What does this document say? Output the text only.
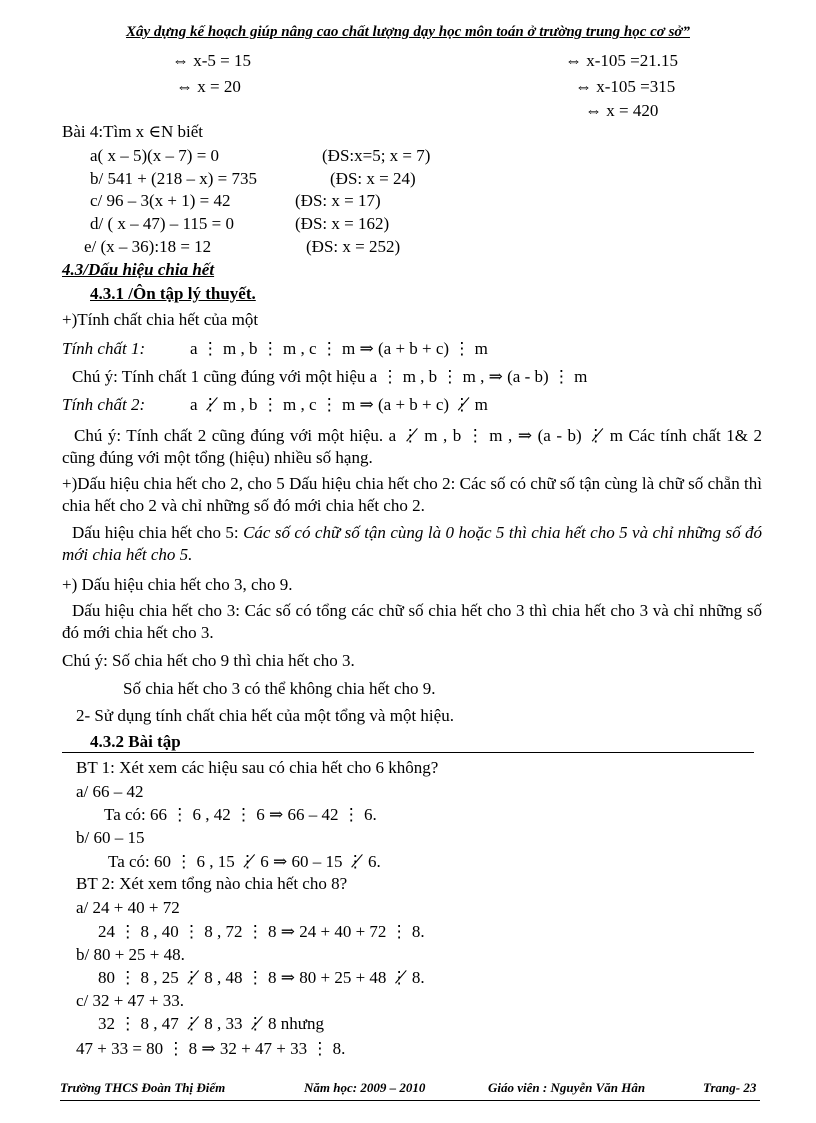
Xây dựng kế hoạch giúp nâng cao chất lượng dạy học môn toán ở trường trung học cơ sở”
⇔ x-5 = 15
⇔ x = 20
⇔ x-105 =21.15
⇔ x-105 =315
⇔ x = 420
Bài 4:Tìm x ∈N biết
a( x – 5)(x – 7) = 0	(ĐS:x=5; x = 7)
b/ 541 + (218 – x) = 735	(ĐS: x = 24)
c/ 96 – 3(x + 1) = 42	(ĐS: x = 17)
d/ ( x – 47) – 115 = 0	(ĐS: x = 162)
e/ (x – 36):18 = 12	(ĐS: x = 252)
4.3/Dấu hiệu chia hết
4.3.1 /Ôn tập lý thuyết.
+)Tính chất chia hết của một
Tính chất 1:	a ⋮ m , b ⋮ m , c ⋮ m ⇒ (a + b + c) ⋮ m
Chú ý: Tính chất 1 cũng đúng với một hiệu a ⋮ m , b ⋮ m , ⇒ (a - b) ⋮ m
Tính chất 2:	a ⋮̸ m , b ⋮ m , c ⋮ m ⇒ (a + b + c) ⋮̸ m
Chú ý: Tính chất 2 cũng đúng với một hiệu. a ⋮̸ m , b ⋮ m , ⇒ (a - b) ⋮̸ m Các tính chất 1& 2 cũng đúng với một tổng (hiệu) nhiều số hạng.
+)Dấu hiệu chia hết cho 2, cho 5 Dấu hiệu chia hết cho 2: Các số có chữ số tận cùng là chữ số chẵn thì chia hết cho 2 và chỉ những số đó mới chia hết cho 2.
Dấu hiệu chia hết cho 5: Các số có chữ số tận cùng là 0 hoặc 5 thì chia hết cho 5 và chỉ những số đó mới chia hết cho 5.
+) Dấu hiệu chia hết cho 3, cho 9.
Dấu hiệu chia hết cho 3: Các số có tổng các chữ số chia hết cho 3 thì chia hết cho 3 và chỉ những số đó mới chia hết cho 3.
Chú ý: Số chia hết cho 9 thì chia hết cho 3.
Số chia hết cho 3 có thể không chia hết cho 9.
2- Sử dụng tính chất chia hết của một tổng và một hiệu.
4.3.2 Bài tập
BT 1: Xét xem các hiệu sau có chia hết cho 6 không?
a/ 66 – 42
Ta có: 66 ⋮ 6 , 42 ⋮ 6 ⇒ 66 – 42 ⋮ 6.
b/ 60 – 15
Ta có: 60 ⋮ 6 , 15 ⋮̸ 6 ⇒ 60 – 15 ⋮̸ 6.
BT 2: Xét xem tổng nào chia hết cho 8?
a/ 24 + 40 + 72
24 ⋮ 8 , 40 ⋮ 8 , 72 ⋮ 8 ⇒ 24 + 40 + 72 ⋮ 8.
b/ 80 + 25 + 48.
80 ⋮ 8 , 25 ⋮̸ 8 , 48 ⋮ 8 ⇒ 80 + 25 + 48 ⋮̸ 8.
c/ 32 + 47 + 33.
32 ⋮ 8 , 47 ⋮̸ 8 , 33 ⋮̸ 8 nhưng
47 + 33 = 80 ⋮ 8 ⇒ 32 + 47 + 33 ⋮ 8.
Trường THCS Đoàn Thị Điểm	Năm học: 2009 – 2010	Giáo viên : Nguyễn Văn Hân	Trang- 23
